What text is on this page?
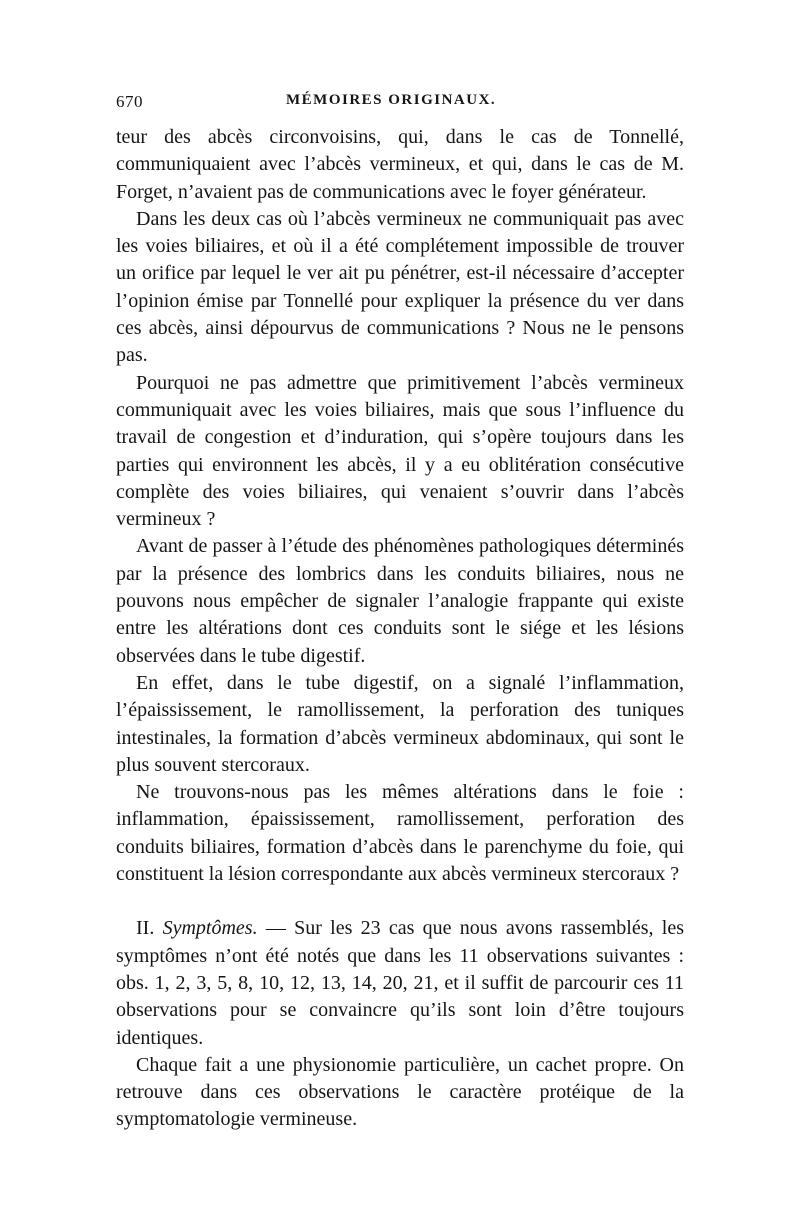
670	MÉMOIRES ORIGINAUX.

teur des abcès circonvoisins, qui, dans le cas de Tonnellé, communiquaient avec l’abcès vermineux, et qui, dans le cas de M. Forget, n’avaient pas de communications avec le foyer générateur.

Dans les deux cas où l’abcès vermineux ne communiquait pas avec les voies biliaires, et où il a été complétement impossible de trouver un orifice par lequel le ver ait pu pénétrer, est-il nécessaire d’accepter l’opinion émise par Tonnellé pour expliquer la présence du ver dans ces abcès, ainsi dépourvus de communications ? Nous ne le pensons pas.

Pourquoi ne pas admettre que primitivement l’abcès vermineux communiquait avec les voies biliaires, mais que sous l’influence du travail de congestion et d’induration, qui s’opère toujours dans les parties qui environnent les abcès, il y a eu oblitération consécutive complète des voies biliaires, qui venaient s’ouvrir dans l’abcès vermineux ?

Avant de passer à l’étude des phénomènes pathologiques déterminés par la présence des lombrics dans les conduits biliaires, nous ne pouvons nous empêcher de signaler l’analogie frappante qui existe entre les altérations dont ces conduits sont le siége et les lésions observées dans le tube digestif.

En effet, dans le tube digestif, on a signalé l’inflammation, l’épaississement, le ramollissement, la perforation des tuniques intestinales, la formation d’abcès vermineux abdominaux, qui sont le plus souvent stercoraux.

Ne trouvons-nous pas les mêmes altérations dans le foie : inflammation, épaississement, ramollissement, perforation des conduits biliaires, formation d’abcès dans le parenchyme du foie, qui constituent la lésion correspondante aux abcès vermineux stercoraux ?

II. Symptômes. — Sur les 23 cas que nous avons rassemblés, les symptômes n’ont été notés que dans les 11 observations suivantes : obs. 1, 2, 3, 5, 8, 10, 12, 13, 14, 20, 21, et il suffit de parcourir ces 11 observations pour se convaincre qu’ils sont loin d’être toujours identiques.

Chaque fait a une physionomie particulière, un cachet propre. On retrouve dans ces observations le caractère protéique de la symptomatologie vermineuse.
